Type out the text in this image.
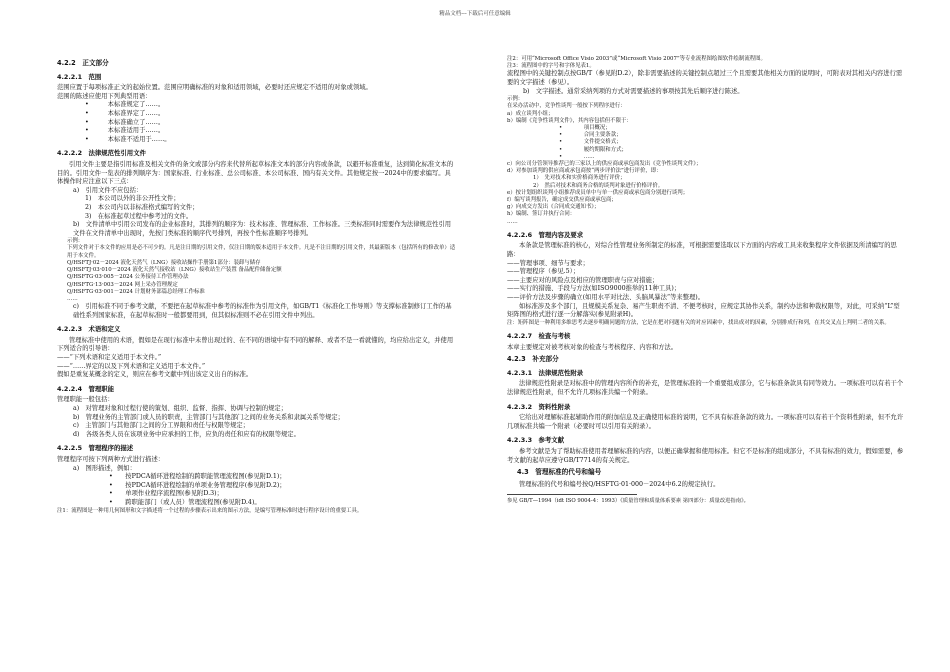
精品文档---下载后可任意编辑
4.2.2　正文部分
4.2.2.1　范围
范围应置于每项标准正文的起始位置。范围应明确标准的对象和适用领域，必要时还应规定不适用的对象或领域。
范围的陈述应使用下列典型用语：
•　　　本标准规定了……。
•　　　本标准界定了……。
•　　　本标准确立了……。
•　　　本标准适用于……。
•　　　本标准不适用于……。
4.2.2.2　法律规范性引用文件
引用文件主要是指引用标准及相关文件的条文或部分内容来代替所起草标准文本的部分内容或条款，以避开标准重复，达到简化标准文本的目的。引用文件一览表的排列顺序为：国家标准、行业标准、总公司标准、本公司标准、国内有关文件。其他规定按一2024中的要求编写。具体操作时应注意以下三点：
a)　引用文件不应包括：
1)　本公司以外的非公开性文件；
2)　本公司内以非标准格式编写的文件；
3)　在标准起草过程中参考过的文件。
b)　文件清单中引用公司发布的企业标准时，其排列的顺序为：技术标准、管理标准、工作标准。三类标准同时需要作为法律规范性引用文件在文件清单中出现时，先按门类标准的顺序代号排列，再按个性标准顺序号排列。
示例：
下列文件对于本文件的应用是必不可少的。凡是注日期的引用文件，仅注日期的版本适用于本文件。凡是不注日期的引用文件，其最新版本（包括所有的修改单）适用于本文件。
Q/HSFTJ·02－2024 液化天然气（LNG）接收站操作手册第1部分：装卸与储存
Q/HSFTJ·03·010－2024 液化天然气接收站（LNG）接收站生产装置 备品配件储备定额
Q/HSFTG·03·005－2024 公务接待工作管理办法
Q/HSFTG·13·003－2024 网上采办管理规定
Q/HSFTG·03·001－2024 计划财务部篇总经理工作标准
……
c)　引用标准不同于参考文献，不要把在起草标准中参考的标准作为引用文件，如GB/T1《标准化工作导则》等支撑标准制修订工作的基础性系列国家标准，在起草标准时一般都要用到，但其似标准则不必在引用文件中列出。
4.2.2.3　术语和定义
管理标准中使用的术语，假如是在现行标准中未曾出现过的、在不同的语境中有不同的解释、或者不是一看就懂的，均应给出定义，并使用下列适合的引导语：
——“下列术语和定义适用于本文件。”
——“……界定的以及下列术语和定义适用于本文件。”
假如是重复某概念的定义，则应在参考文献中列出该定义出自的标准。
4.2.2.4　管理职能
管理职能一般包括：
a)　对管理对象和过程行使的策划、组织、监督、指挥、协调与控制的规定；
b)　管理业务的主管部门或人员的职责，主管部门与其他部门之间的业务关系和隶属关系等规定；
c)　主管部门与其他部门之间的分工界限和责任与权限等规定；
d)　各级各类人员在该项业务中应承担的工作，应负的责任和应有的权限等规定。
4.2.2.5　管理程序的描述
管理程序可按下列两种方式进行描述：
a)　图形描述，例如：
•　　按PDCA循环进程绘制的跨职能管理流程图(参见附D.1)；
•　　按PDCA循环进程绘制的单项业务管理程序(参见附D.2)；
•　　单项作业程序流程图(参见附D.3)；
•　　跨职能部门（或人员）管理流程图(参见附D.4)。
注1：流程图是一种用几何图形和文字描述将一个过程的步骤表示出来的图示方法，是编写管理标准时进行程序设计的重要工具。
注2：可用“Microsoft Office Visio 2003”或“Microsoft Visio 2007”等专业流程图绘图软件绘制流程图。
注3：流程图中的字号和字体见表1。
流程图中的关键控制点按GB/T（参见附D.2），除非需要描述的关键控制点超过三个且需要其他相关方面的说明时，可附表对其相关内容进行需要的文字描述（参见）。
b)　文字描述。通常采纳列项的方式对需要描述的事项按其先后顺序进行陈述。
示例：
在采办活动中，竞争性谈判一般按下列程序进行：
a）成立谈判小组；
b）编制《竞争性谈判文件》，其内容包括但不限于：
•　　　　项目概况；
•　　　　合同主要条款；
•　　　　文件提交格式；
•　　　　履约期限和方式；
•　　　　……
c）向公司分管领导推荐已的三家以上的供应商或承包商发出《竞争性谈判文件》；
d）对参加谈判的供应商或承包商按“两步评价法”进行评价，即：
1）　先对技术和实价格商务进行评价；
2）　然后对技术和商务合格的谈判对象进行价格评价。
e）按计划组织谈判小组推荐成员单中与单一供应商或承包商分别进行谈判；
f）编写谈判报告，确定成交供应商或承包商；
g）向成交方发出《合同成交通知书》；
h）编制、签订并执行合同：
……
4.2.2.6　管理内容及要求
本条款是管理标准的核心，对综合性管理业务所制定的标准，可根据需要选取以下方面的内容或工具来收集程序文件依据及所清编写的思路：
——管理事项、细节与要求；
——管理程序（参见.5）；
——主要应对的风险点及相应的管理职责与应对措施；
——实行的措施、手段与方法(如ISO9000推举的11种工具)；
——评价方法及步骤的确立(如用水平对比法、头脑风暴法“等来整理)。
如标准涉及多个部门，且规模关系复杂、易产生职责不清、不便考核时，应规定其协作关系，制约办法和种裁权限等，对此，可采纳“L”型矩阵图的格式进行逐一分解落实(参见附录H)。
注：矩阵图是一种利用多维思考去逐步明确问题的方法，它是在把对问题有关的对应因素中，找出成对的因素，分别排成行和列，在其交叉点上判明二者的关系。
4.2.2.7　检查与考核
本章主要规定对被考核对象的检查与考核程序、内容和方法。
4.2.3　补充部分
4.2.3.1　法律规范性附录
法律规范性附录是对标准中的管理内容所作的补充，是管理标准的一个重要组成部分，它与标准条款具有同等效力。一项标准可以有若干个法律规范性附录，但不允许几项标准共编一个附录。
4.2.3.2　资料性附录
它给出对理解标准起辅助作用的附加信息及正确使用标准的说明，它不具有标准条款的效力。一项标准可以有若干个资料性附录，但不允许几项标准共编一个附录（必要时可以引用有关附录）。
4.2.3.3　参考文献
参考文献是为了帮助标准使用者理解标准的内容，以便正确掌握和使用标准。但它不是标准的组成部分，不具有标准的效力，假如需要，参考文献的起草应遵守GB/T7714的有关规定。
4.3　管理标准的代号和编号
管理标准的代号和编号按Q/HSFTG·01·000－2024中6.2的规定执行。
参见 GB/T—1994（idt ISO 9004-4：1993）《质量管理和质量体系要素 第四部分：质量改进指南》。
